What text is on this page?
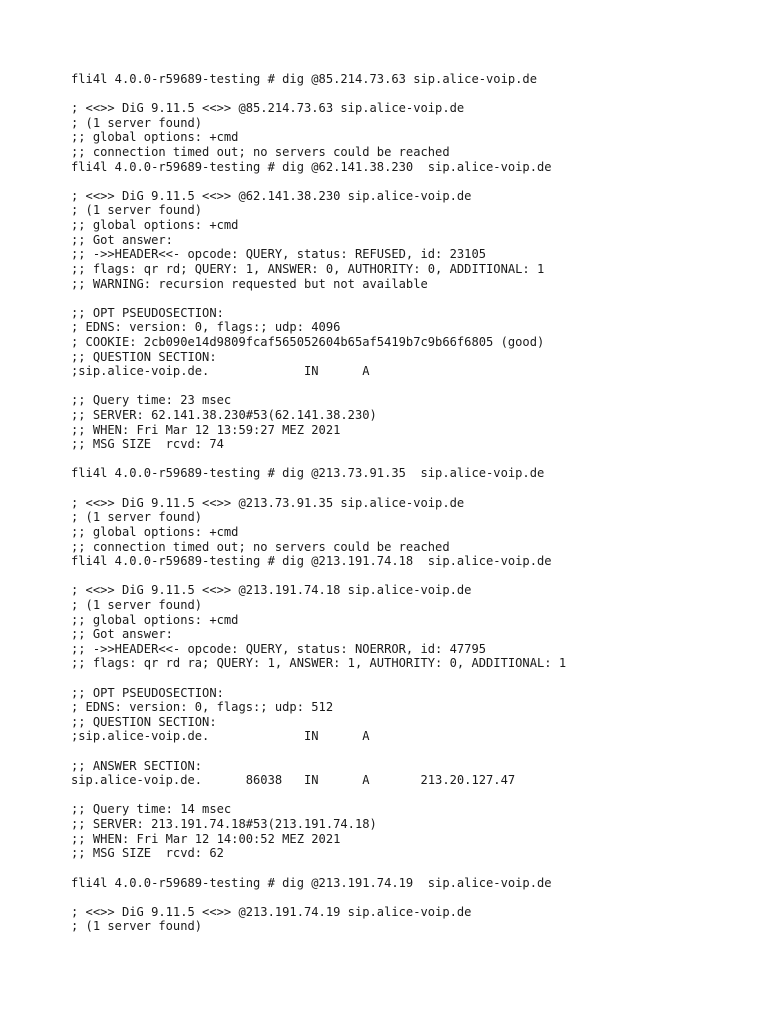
fli4l 4.0.0-r59689-testing # dig @85.214.73.63 sip.alice-voip.de
; <<>> DiG 9.11.5 <<>> @85.214.73.63 sip.alice-voip.de
; (1 server found)
;; global options: +cmd
;; connection timed out; no servers could be reached
fli4l 4.0.0-r59689-testing # dig @62.141.38.230  sip.alice-voip.de
; <<>> DiG 9.11.5 <<>> @62.141.38.230 sip.alice-voip.de
; (1 server found)
;; global options: +cmd
;; Got answer:
;; ->>HEADER<<- opcode: QUERY, status: REFUSED, id: 23105
;; flags: qr rd; QUERY: 1, ANSWER: 0, AUTHORITY: 0, ADDITIONAL: 1
;; WARNING: recursion requested but not available
;; OPT PSEUDOSECTION:
; EDNS: version: 0, flags:; udp: 4096
; COOKIE: 2cb090e14d9809fcaf565052604b65af5419b7c9b66f6805 (good)
;; QUESTION SECTION:
;sip.alice-voip.de.             IN      A
;; Query time: 23 msec
;; SERVER: 62.141.38.230#53(62.141.38.230)
;; WHEN: Fri Mar 12 13:59:27 MEZ 2021
;; MSG SIZE  rcvd: 74
fli4l 4.0.0-r59689-testing # dig @213.73.91.35  sip.alice-voip.de
; <<>> DiG 9.11.5 <<>> @213.73.91.35 sip.alice-voip.de
; (1 server found)
;; global options: +cmd
;; connection timed out; no servers could be reached
fli4l 4.0.0-r59689-testing # dig @213.191.74.18  sip.alice-voip.de
; <<>> DiG 9.11.5 <<>> @213.191.74.18 sip.alice-voip.de
; (1 server found)
;; global options: +cmd
;; Got answer:
;; ->>HEADER<<- opcode: QUERY, status: NOERROR, id: 47795
;; flags: qr rd ra; QUERY: 1, ANSWER: 1, AUTHORITY: 0, ADDITIONAL: 1
;; OPT PSEUDOSECTION:
; EDNS: version: 0, flags:; udp: 512
;; QUESTION SECTION:
;sip.alice-voip.de.             IN      A
;; ANSWER SECTION:
sip.alice-voip.de.      86038   IN      A       213.20.127.47
;; Query time: 14 msec
;; SERVER: 213.191.74.18#53(213.191.74.18)
;; WHEN: Fri Mar 12 14:00:52 MEZ 2021
;; MSG SIZE  rcvd: 62
fli4l 4.0.0-r59689-testing # dig @213.191.74.19  sip.alice-voip.de
; <<>> DiG 9.11.5 <<>> @213.191.74.19 sip.alice-voip.de
; (1 server found)
